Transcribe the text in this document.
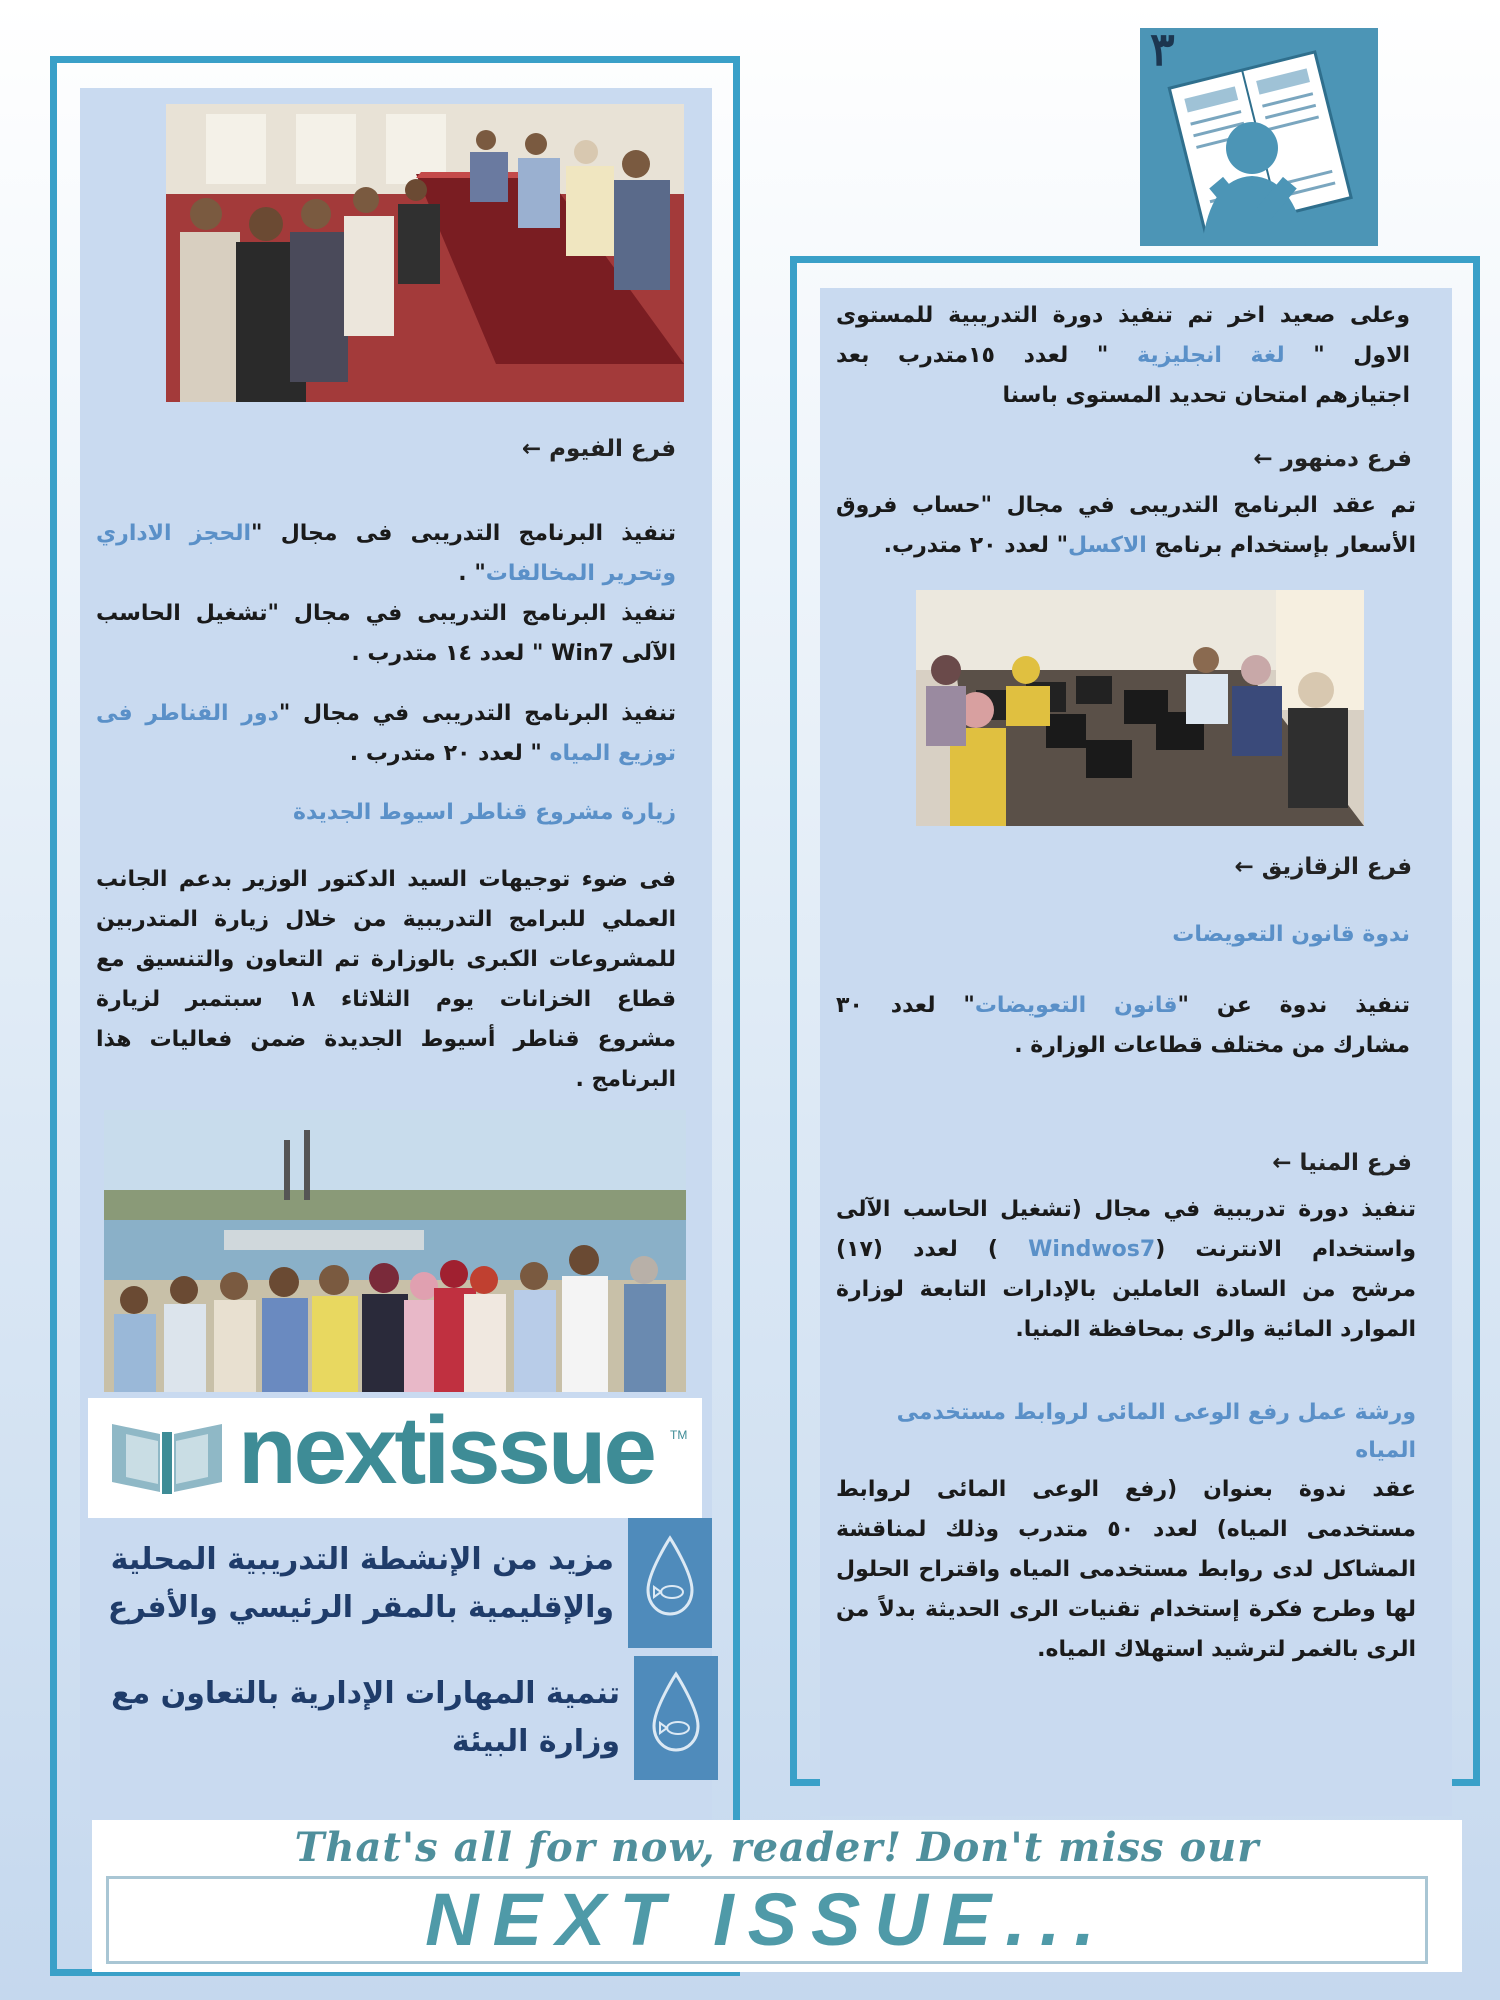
٣
وعلى صعيد اخر تم تنفيذ دورة التدريبية للمستوى
الاول " لغة انجليزية " لعدد ١٥متدرب بعد
اجتيازهم امتحان تحديد المستوى باسنا
فرع دمنهور ←
تم عقد البرنامج التدريبى في مجال "حساب فروق
الأسعار بإستخدام برنامج الاكسل" لعدد ٢٠ متدرب.
فرع الزقازيق ←
ندوة قانون التعويضات
تنفيذ ندوة عن "قانون التعويضات" لعدد ٣٠
مشارك من مختلف قطاعات الوزارة .
فرع المنيا ←
تنفيذ دورة تدريبية في مجال (تشغيل الحاسب الآلى
واستخدام الانترنت (Windwos7 ) لعدد (١٧)
مرشح من السادة العاملين بالإدارات التابعة لوزارة
الموارد المائية والرى بمحافظة المنيا.
ورشة عمل رفع الوعى المائى لروابط مستخدمى
المياه
عقد ندوة بعنوان (رفع الوعى المائى لروابط
مستخدمى المياه) لعدد ٥٠ متدرب وذلك لمناقشة
المشاكل لدى روابط مستخدمى المياه واقتراح الحلول
لها وطرح فكرة إستخدام تقنيات الرى الحديثة بدلاً من
الرى بالغمر لترشيد استهلاك المياه.
فرع الفيوم ←
تنفيذ البرنامج التدريبى فى مجال "الحجز الاداري
وتحرير المخالفات" .
تنفيذ البرنامج التدريبى في مجال "تشغيل الحاسب
الآلى Win7 " لعدد ١٤ متدرب .
تنفيذ البرنامج التدريبى في مجال "دور القناطر فى
توزيع المياه " لعدد ٢٠ متدرب .
زيارة مشروع قناطر اسيوط الجديدة
فى ضوء توجيهات السيد الدكتور الوزير بدعم الجانب
العملي للبرامج التدريبية من خلال زيارة المتدربين
للمشروعات الكبرى بالوزارة تم التعاون والتنسيق مع
قطاع الخزانات يوم الثلاثاء ١٨ سبتمبر لزيارة
مشروع قناطر أسيوط الجديدة ضمن فعاليات هذا
البرنامج .
nextissue TM
مزيد من الإنشطة التدريبية المحلية
والإقليمية بالمقر الرئيسي والأفرع
تنمية المهارات الإدارية بالتعاون مع
وزارة البيئة
That's all for now, reader! Don't miss our
NEXT ISSUE...
